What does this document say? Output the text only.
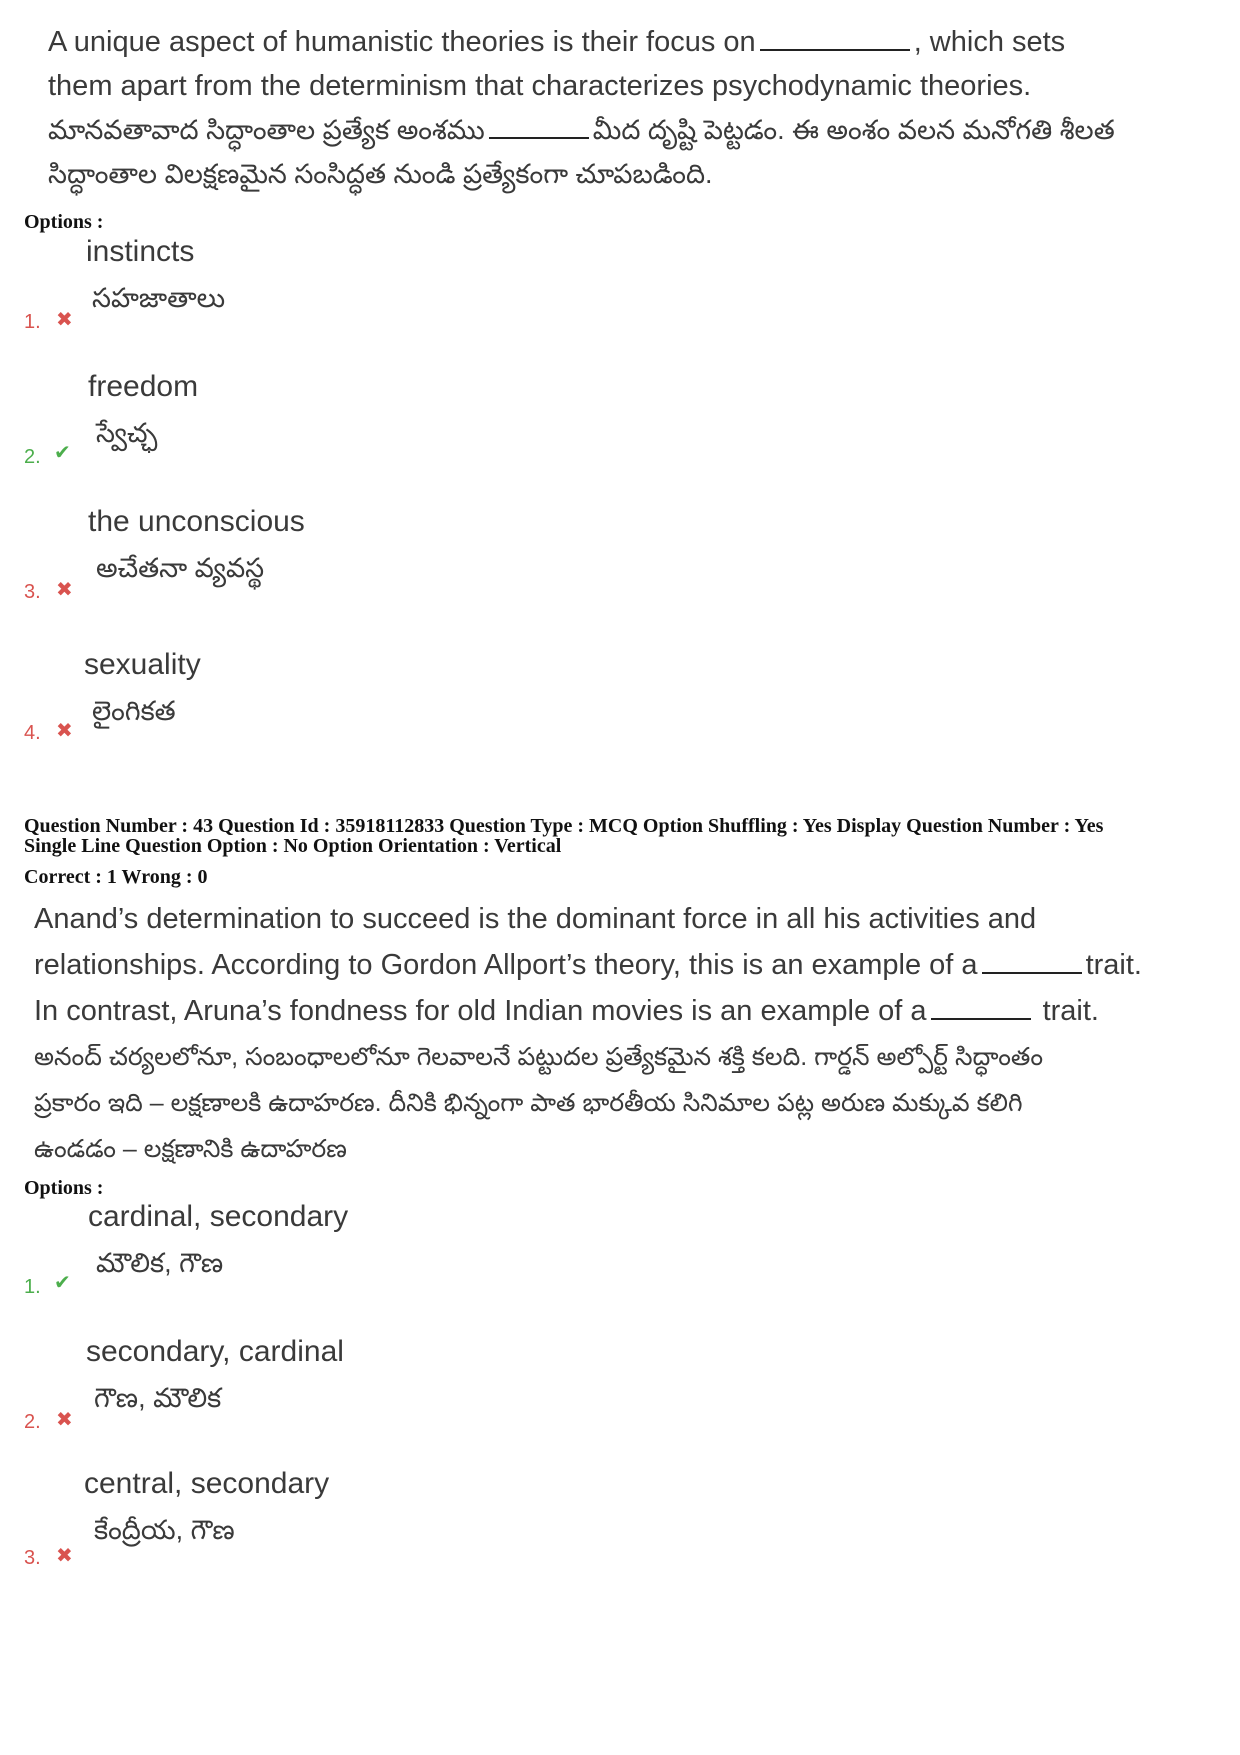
A unique aspect of humanistic theories is their focus on	, which sets
them apart from the determinism that characterizes psychodynamic theories.
మానవతావాద సిద్ధాంతాల ప్రత్యేక అంశము	మీద దృష్టి పెట్టడం. ఈ అంశం వలన మనోగతి శీలత
సిద్ధాంతాల విలక్షణమైన సంసిద్ధత నుండి ప్రత్యేకంగా చూపబడింది.
Options :
instincts
సహజాతాలు
1. ✖
freedom
స్వేచ్ఛ
2. ✔
the unconscious
అచేతనా వ్యవస్థ
3. ✖
sexuality
లైంగికత
4. ✖
Question Number : 43 Question Id : 35918112833 Question Type : MCQ Option Shuffling : Yes Display Question Number : Yes
Single Line Question Option : No Option Orientation : Vertical
Correct : 1 Wrong : 0
Anand’s determination to succeed is the dominant force in all his activities and
relationships. According to Gordon Allport’s theory, this is an example of a	trait.
In contrast, Aruna’s fondness for old Indian movies is an example of a	trait.
అనంద్ చర్యలలోనూ, సంబంధాలలోనూ గెలవాలనే పట్టుదల ప్రత్యేకమైన శక్తి కలది. గార్డన్ అల్పోర్ట్ సిద్ధాంతం
ప్రకారం ఇది – లక్షణాలకి ఉదాహరణ. దీనికి భిన్నంగా పాత భారతీయ సినిమాల పట్ల అరుణ మక్కువ కలిగి
ఉండడం – లక్షణానికి ఉదాహరణ
Options :
cardinal, secondary
మౌలిక, గౌణ
1. ✔
secondary, cardinal
గౌణ, మౌలిక
2. ✖
central, secondary
కేంద్రీయ, గౌణ
3. ✖
